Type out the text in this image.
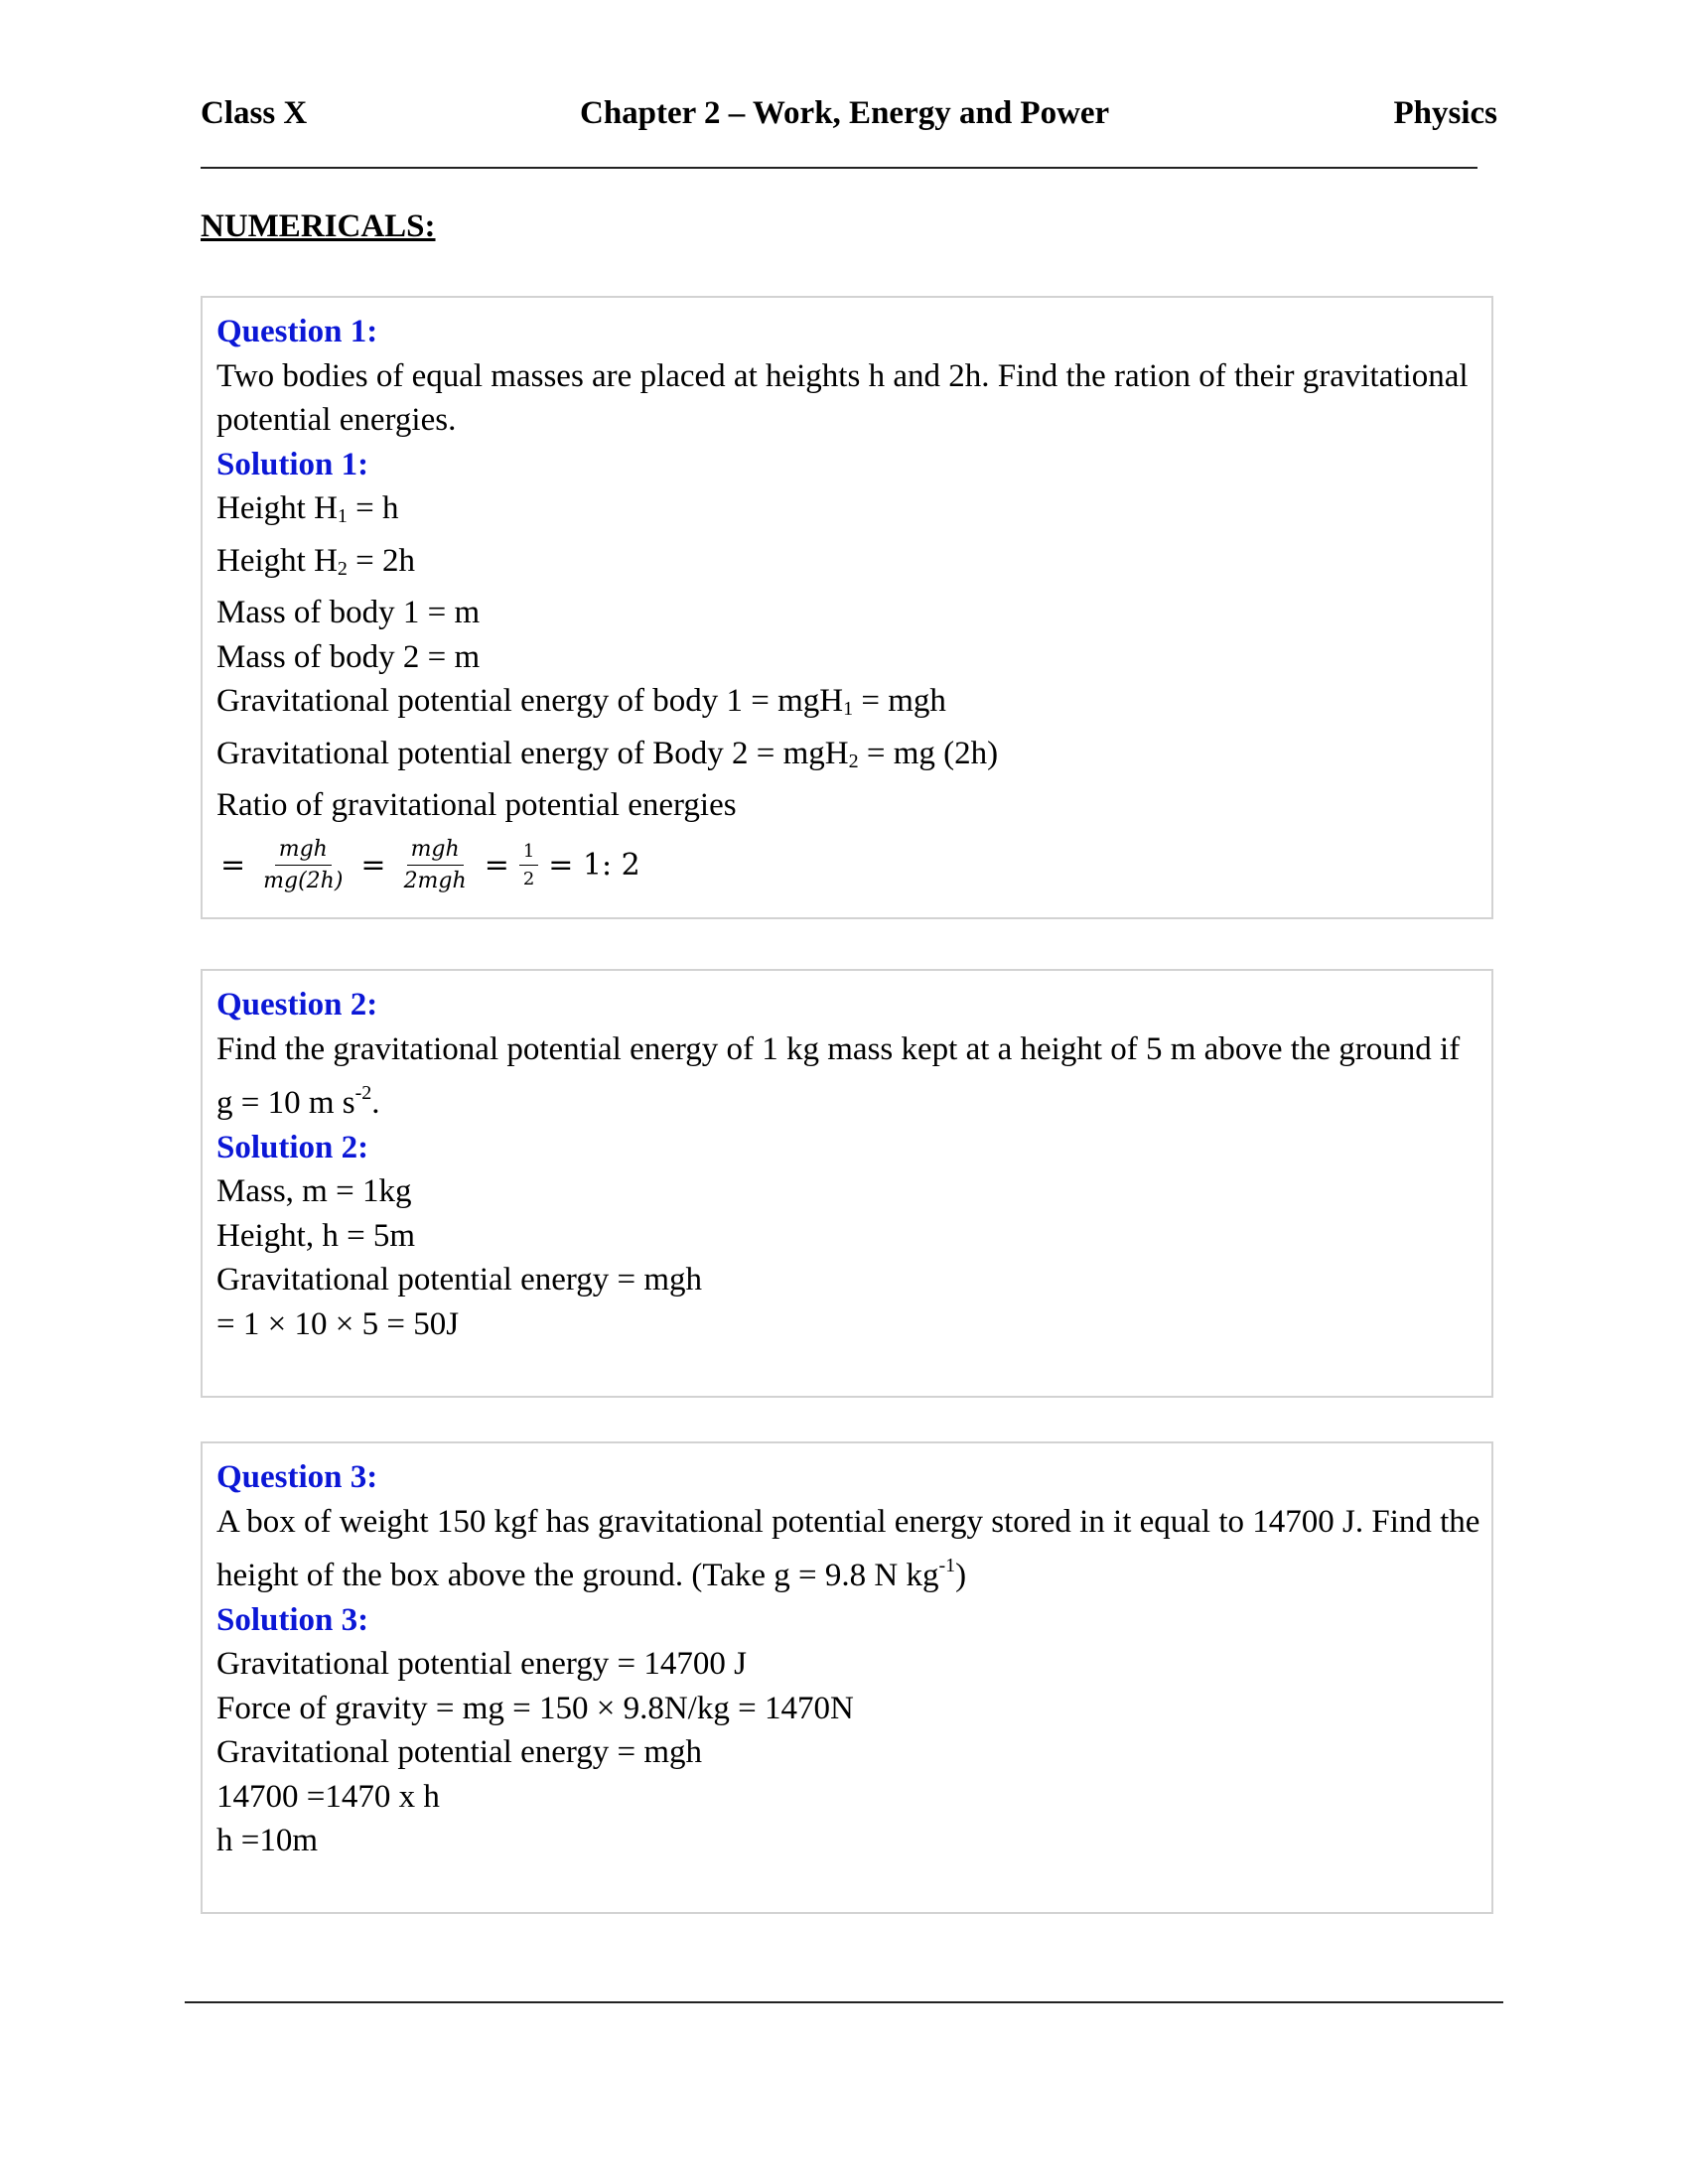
Class X	Chapter 2 – Work, Energy and Power	Physics
NUMERICALS:
Question 1:
Two bodies of equal masses are placed at heights h and 2h. Find the ration of their gravitational potential energies.
Solution 1:
Height $H_1 = h$
Height $H_2 = 2h$
Mass of body 1 = m
Mass of body 2 = m
Gravitational potential energy of body 1 = mgH$_1$ = mgh
Gravitational potential energy of Body 2 = mgH$_2$ = mg (2h)
Ratio of gravitational potential energies
= $\frac{\text{mgh}}{mg(2h)} = \frac{\text{mgh}}{\text{2mgh}} = \frac{1}{2} = 1$: 2
Question 2:
Find the gravitational potential energy of 1 kg mass kept at a height of 5 m above the ground if
g = 10 m $s^{-2}$.
Solution 2:
Mass, m = 1kg
Height, h = 5m
Gravitational potential energy = mgh
= 1 × 10 × 5 = 50J
Question 3:
A box of weight 150 kgf has gravitational potential energy stored in it equal to 14700 J. Find the
height of the box above the ground. (Take g = 9.8 N $kg^{-1}$)
Solution 3:
Gravitational potential energy = 14700 J
Force of gravity = mg = 150 × 9.8N/kg = 1470N
Gravitational potential energy = mgh
14700 =1470 x h
h =10m
